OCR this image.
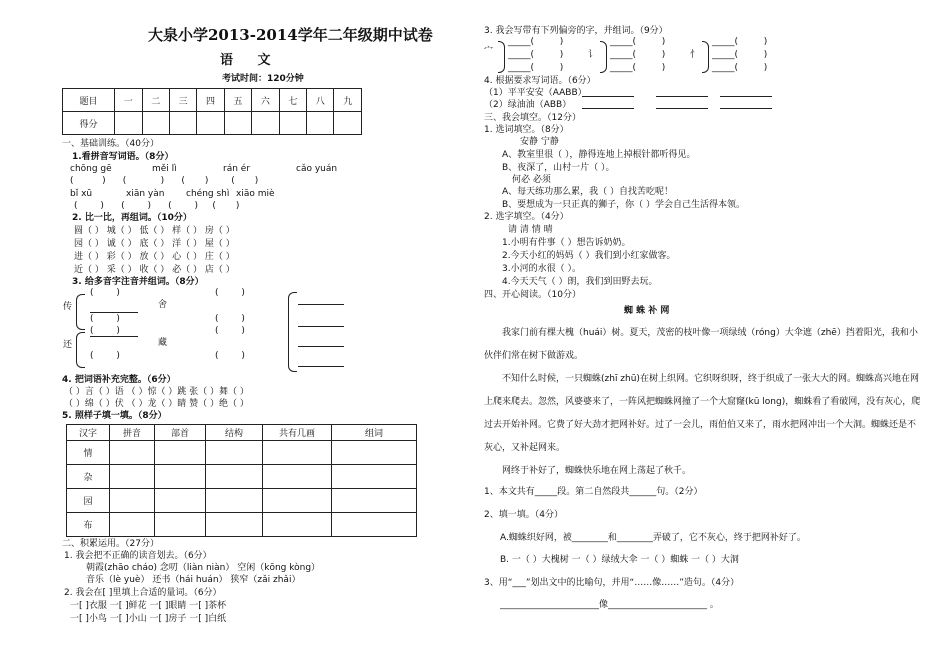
大泉小学2013-2014学年二年级期中试卷
语 文
考试时间：120分钟
题目	一	二	三	四	五	六	七	八	九
得分									
一、基础训练。（40分）
1.看拼音写词语。（8分）
chōng gē	měi lì	rán ér	cǎo yuán
(          )      (            )      (       )        (       )
bǐ xū	xiān yàn chéng shì xiāo miè
(        )      (        )      (        )     (       )
2. 比一比，再组词。（10分）
圆（ ） 城（ ） 低（ ） 样（ ） 房（ ）
园（ ） 诚（ ） 底（ ） 洋（ ） 屋（ ）
进（ ） 彩（ ） 放（ ） 心（ ） 庄（ ）
近（ ） 采（ ） 收（ ） 必（ ） 店（ ）
3. 给多音字注音并组词。（8分）
传	舍
还	藏
(        )
(        )
(        )
(        )
(        )
(        )
(        )
(        )
4. 把词语补充完整。（6分）
（ ）言（ ）语 （ ）惊（ ）跳 张（ ）舞（ ）
（ ）绵（ ）伏 （ ）龙（ ）睛 赞（ ）绝（ ）
5. 照样子填一填。（8分）
汉字	拼音	部首	结构	共有几画	组词
情					
杂					
园					
布					
二、积累运用。（27分）
1. 我会把不正确的读音划去。（6分）
朝霞(zhāo cháo) 念叨（liàn niàn） 空闲（kōng kòng）
音乐（lè yuè） 还书（hái huán） 狭窄（zǎi zhǎi）
2. 我会在[ ]里填上合适的量词。（6分）
一[ ]衣服 一[ ]鲜花 一[ ]眼睛 一[ ]茶杯
一[ ]小鸟 一[ ]小山 一[ ]房子 一[ ]白纸
3. 我会写带有下列偏旁的字，并组词。（9分）
宀	讠	忄
_____(         )
_____(         )
_____(         )
_____(         )
_____(         )
_____(         )
_____(         )
_____(         )
_____(         )
4. 根据要求写词语。（6分）
（1）平平安安（AABB）
（2）绿油油（ABB）
三、我会填空。（12分）
1. 选词填空。（8分）
安静 宁静
A、教室里很（ ），静得连地上掉根针都听得见。
B、夜深了，山村一片（ ）。
何必 必须
A、每天练功那么累，我（ ）自找苦吃呢！
B、要想成为一只正真的狮子，你（ ）学会自己生活得本领。
2. 选字填空。（4分）
请 清 情 晴
1.小明有件事（ ）想告诉奶奶。
2.今天小红的妈妈（ ）我们到小红家做客。
3.小河的水很（ ）。
4.今天天气（ ）朗，我们到田野去玩。
四、开心阅读。（10分）
蜘 蛛 补 网
我家门前有棵大槐（huái）树。夏天，茂密的枝叶像一项绿绒（róng）大伞遮（zhē）挡着阳光，我和小伙伴们常在树下做游戏。
不知什么时候，一只蜘蛛(zhī zhū)在树上织网。它织呀织呀，终于织成了一张大大的网。蜘蛛高兴地在网上爬来爬去。忽然，风婆婆来了，一阵风把蜘蛛网撞了一个大窟窿(kū long)，蜘蛛看了看破网，没有灰心，爬过去开始补网。它费了好大劲才把网补好。过了一会儿，雨伯伯又来了，雨水把网冲出一个大洞。蜘蛛还是不灰心，又补起网来。
网终于补好了，蜘蛛快乐地在网上荡起了秋千。
1、本文共有_____段。第二自然段共______句。（2分）
2、填一填。（4分）
A.蜘蛛织好网，被________和________弄破了，它不灰心，终于把网补好了。
B. 一（ ）大槐树 一（ ）绿绒大伞 一（ ）蜘蛛 一（ ）大洞
3、用“___”划出文中的比喻句，并用“……像……”造句。（4分）
______________________像______________________ 。
